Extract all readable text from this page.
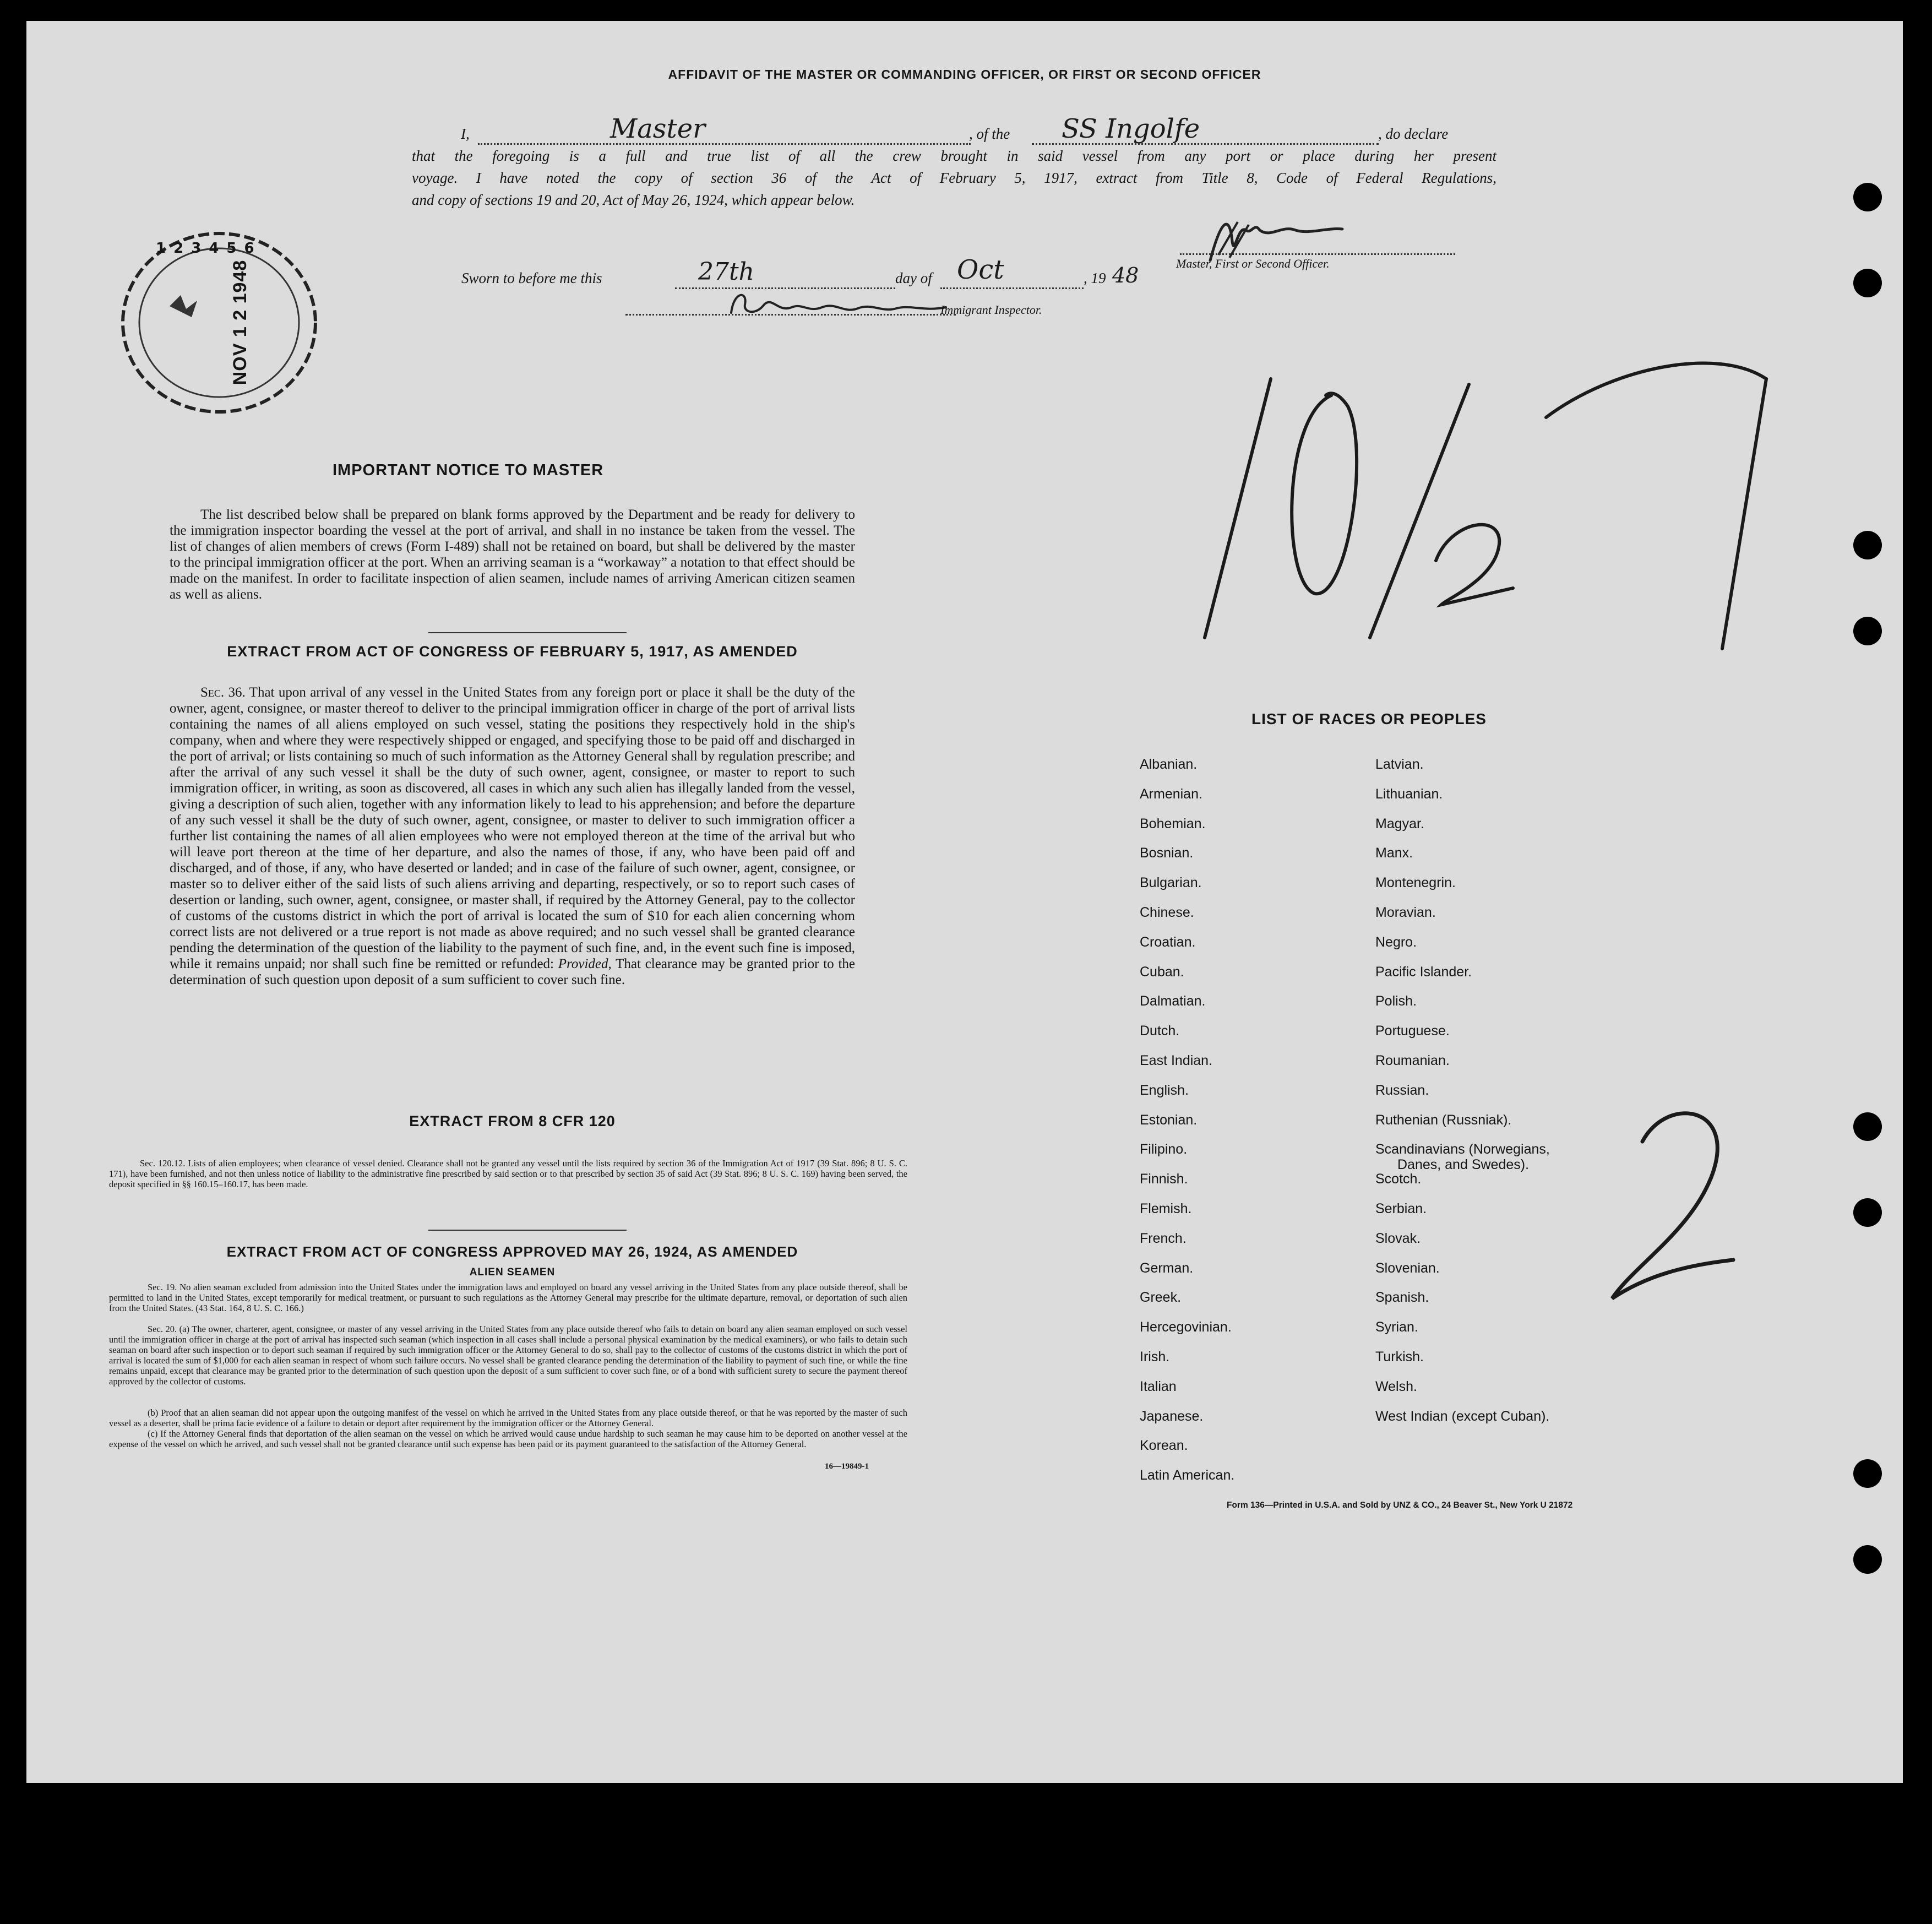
AFFIDAVIT OF THE MASTER OR COMMANDING OFFICER, OR FIRST OR SECOND OFFICER
I,	Master	, of the SS Ingolfe	, do declare
that the foregoing is a full and true list of all the crew brought in said vessel from any port or place during her present
voyage. I have noted the copy of section 36 of the Act of February 5, 1917, extract from Title 8, Code of Federal Regulations,
and copy of sections 19 and 20, Act of May 26, 1924, which appear below.
Master, First or Second Officer.
Sworn to before me this	27th	day of Oct	, 19 48
Immigrant Inspector.
NOV 1 2 1948
123456
IMPORTANT NOTICE TO MASTER
The list described below shall be prepared on blank forms approved by the Department and be ready for delivery to the immigration inspector boarding the vessel at the port of arrival, and shall in no instance be taken from the vessel. The list of changes of alien members of crews (Form I-489) shall not be retained on board, but shall be delivered by the master to the principal immigration officer at the port. When an arriving seaman is a “workaway” a notation to that effect should be made on the manifest. In order to facilitate inspection of alien seamen, include names of arriving American citizen seamen as well as aliens.
EXTRACT FROM ACT OF CONGRESS OF FEBRUARY 5, 1917, AS AMENDED
Sec. 36. That upon arrival of any vessel in the United States from any foreign port or place it shall be the duty of the owner, agent, consignee, or master thereof to deliver to the principal immigration officer in charge of the port of arrival lists containing the names of all aliens employed on such vessel, stating the positions they respectively hold in the ship's company, when and where they were respectively shipped or engaged, and specifying those to be paid off and discharged in the port of arrival; or lists containing so much of such information as the Attorney General shall by regulation prescribe; and after the arrival of any such vessel it shall be the duty of such owner, agent, consignee, or master to report to such immigration officer, in writing, as soon as discovered, all cases in which any such alien has illegally landed from the vessel, giving a description of such alien, together with any information likely to lead to his apprehension; and before the departure of any such vessel it shall be the duty of such owner, agent, consignee, or master to deliver to such immigration officer a further list containing the names of all alien employees who were not employed thereon at the time of the arrival but who will leave port thereon at the time of her departure, and also the names of those, if any, who have been paid off and discharged, and of those, if any, who have deserted or landed; and in case of the failure of such owner, agent, consignee, or master so to deliver either of the said lists of such aliens arriving and departing, respectively, or so to report such cases of desertion or landing, such owner, agent, consignee, or master shall, if required by the Attorney General, pay to the collector of customs of the customs district in which the port of arrival is located the sum of $10 for each alien concerning whom correct lists are not delivered or a true report is not made as above required; and no such vessel shall be granted clearance pending the determination of the question of the liability to the payment of such fine, and, in the event such fine is imposed, while it remains unpaid; nor shall such fine be remitted or refunded: Provided, That clearance may be granted prior to the determination of such question upon deposit of a sum sufficient to cover such fine.
EXTRACT FROM 8 CFR 120
Sec. 120.12. Lists of alien employees; when clearance of vessel denied. Clearance shall not be granted any vessel until the lists required by section 36 of the Immigration Act of 1917 (39 Stat. 896; 8 U. S. C. 171), have been furnished, and not then unless notice of liability to the administrative fine prescribed by said section or to that prescribed by section 35 of said Act (39 Stat. 896; 8 U. S. C. 169) having been served, the deposit specified in §§ 160.15–160.17, has been made.
EXTRACT FROM ACT OF CONGRESS APPROVED MAY 26, 1924, AS AMENDED
ALIEN SEAMEN
Sec. 19. No alien seaman excluded from admission into the United States under the immigration laws and employed on board any vessel arriving in the United States from any place outside thereof, shall be permitted to land in the United States, except temporarily for medical treatment, or pursuant to such regulations as the Attorney General may prescribe for the ultimate departure, removal, or deportation of such alien from the United States. (43 Stat. 164, 8 U. S. C. 166.)
Sec. 20. (a) The owner, charterer, agent, consignee, or master of any vessel arriving in the United States from any place outside thereof who fails to detain on board any alien seaman employed on such vessel until the immigration officer in charge at the port of arrival has inspected such seaman (which inspection in all cases shall include a personal physical examination by the medical examiners), or who fails to detain such seaman on board after such inspection or to deport such seaman if required by such immigration officer or the Attorney General to do so, shall pay to the collector of customs of the customs district in which the port of arrival is located the sum of $1,000 for each alien seaman in respect of whom such failure occurs. No vessel shall be granted clearance pending the determination of the liability to payment of such fine, or while the fine remains unpaid, except that clearance may be granted prior to the determination of such question upon the deposit of a sum sufficient to cover such fine, or of a bond with sufficient surety to secure the payment thereof approved by the collector of customs.
(b) Proof that an alien seaman did not appear upon the outgoing manifest of the vessel on which he arrived in the United States from any place outside thereof, or that he was reported by the master of such vessel as a deserter, shall be prima facie evidence of a failure to detain or deport after requirement by the immigration officer or the Attorney General.
(c) If the Attorney General finds that deportation of the alien seaman on the vessel on which he arrived would cause undue hardship to such seaman he may cause him to be deported on another vessel at the expense of the vessel on which he arrived, and such vessel shall not be granted clearance until such expense has been paid or its payment guaranteed to the satisfaction of the Attorney General.
16—19849-1
LIST OF RACES OR PEOPLES
Form 136—Printed in U.S.A. and Sold by UNZ & CO., 24 Beaver St., New York U 21872
Albanian.
Armenian.
Bohemian.
Bosnian.
Bulgarian.
Chinese.
Croatian.
Cuban.
Dalmatian.
Dutch.
East Indian.
English.
Estonian.
Filipino.
Finnish.
Flemish.
French.
German.
Greek.
Hercegovinian.
Irish.
Italian
Japanese.
Korean.
Latin American.
Latvian.
Lithuanian.
Magyar.
Manx.
Montenegrin.
Moravian.
Negro.
Pacific Islander.
Polish.
Portuguese.
Roumanian.
Russian.
Ruthenian (Russniak).
Scandinavians (Norwegians,
Danes, and Swedes).
Scotch.
Serbian.
Slovak.
Slovenian.
Spanish.
Syrian.
Turkish.
Welsh.
West Indian (except Cuban).
